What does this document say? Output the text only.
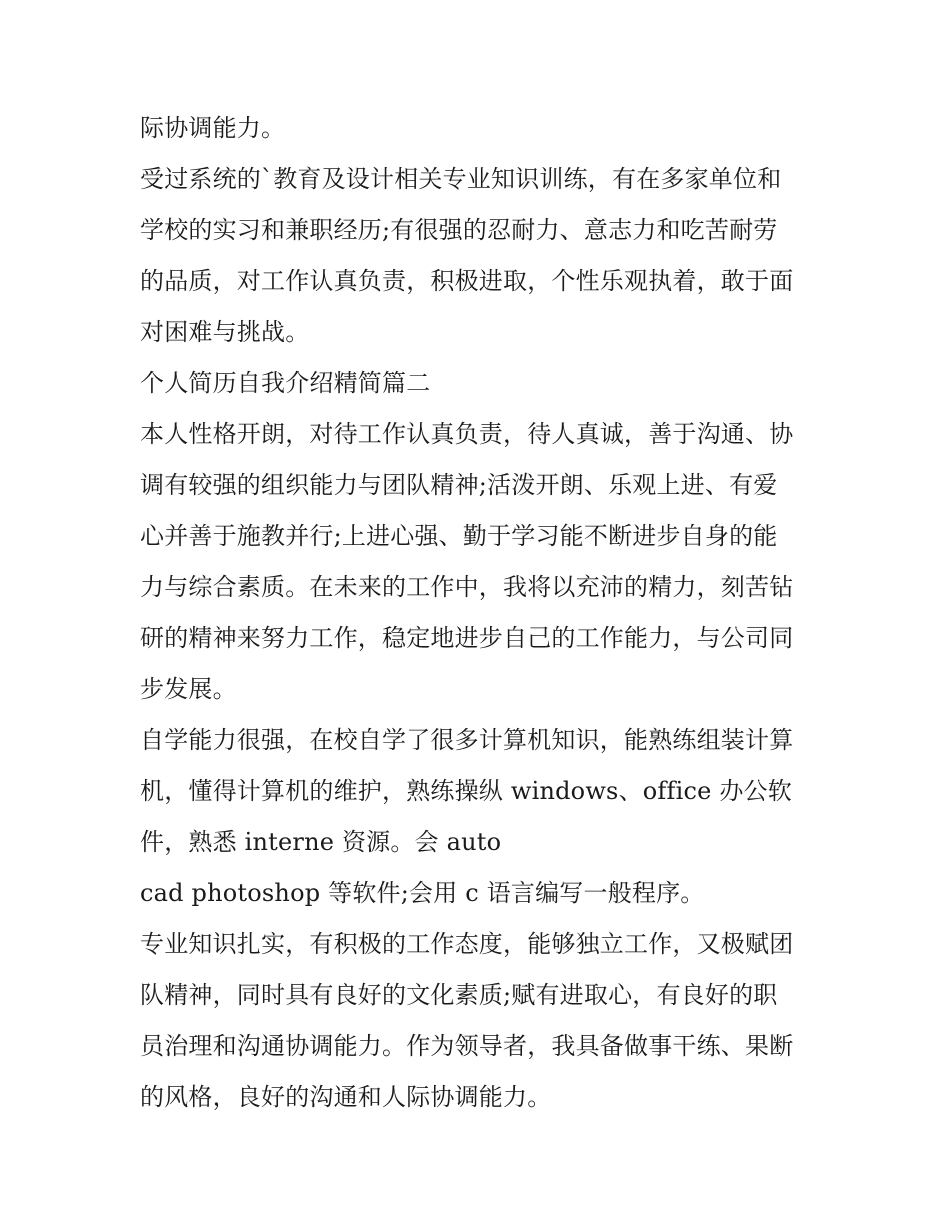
际协调能力。
受过系统的`教育及设计相关专业知识训练，有在多家单位和
学校的实习和兼职经历;有很强的忍耐力、意志力和吃苦耐劳
的品质，对工作认真负责，积极进取，个性乐观执着，敢于面
对困难与挑战。
个人简历自我介绍精简篇二
本人性格开朗，对待工作认真负责，待人真诚，善于沟通、协
调有较强的组织能力与团队精神;活泼开朗、乐观上进、有爱
心并善于施教并行;上进心强、勤于学习能不断进步自身的能
力与综合素质。在未来的工作中，我将以充沛的精力，刻苦钻
研的精神来努力工作，稳定地进步自己的工作能力，与公司同
步发展。
自学能力很强，在校自学了很多计算机知识，能熟练组装计算
机，懂得计算机的维护，熟练操纵 windows、office 办公软
件，熟悉 interne 资源。会 auto
cad photoshop 等软件;会用 c 语言编写一般程序。
专业知识扎实，有积极的工作态度，能够独立工作，又极赋团
队精神，同时具有良好的文化素质;赋有进取心，有良好的职
员治理和沟通协调能力。作为领导者，我具备做事干练、果断
的风格，良好的沟通和人际协调能力。
